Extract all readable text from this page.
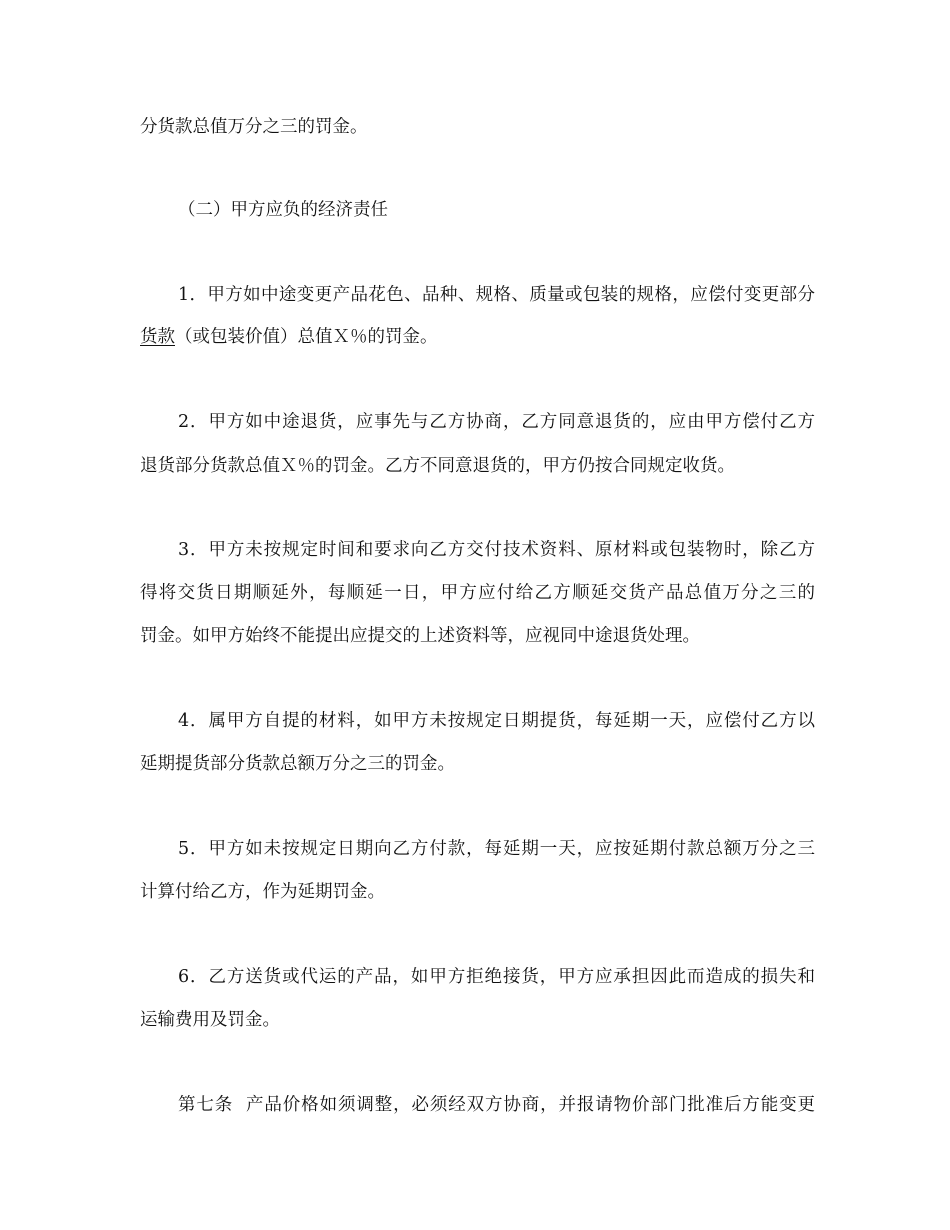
分货款总值万分之三的罚金。
（二）甲方应负的经济责任
1．甲方如中途变更产品花色、品种、规格、质量或包装的规格，应偿付变更部分
货款（或包装价值）总值Ｘ％的罚金。
2．甲方如中途退货，应事先与乙方协商，乙方同意退货的，应由甲方偿付乙方
退货部分货款总值Ｘ％的罚金。乙方不同意退货的，甲方仍按合同规定收货。
3．甲方未按规定时间和要求向乙方交付技术资料、原材料或包装物时，除乙方
得将交货日期顺延外，每顺延一日，甲方应付给乙方顺延交货产品总值万分之三的
罚金。如甲方始终不能提出应提交的上述资料等，应视同中途退货处理。
4．属甲方自提的材料，如甲方未按规定日期提货，每延期一天，应偿付乙方以
延期提货部分货款总额万分之三的罚金。
5．甲方如未按规定日期向乙方付款，每延期一天，应按延期付款总额万分之三
计算付给乙方，作为延期罚金。
6．乙方送货或代运的产品，如甲方拒绝接货，甲方应承担因此而造成的损失和
运输费用及罚金。
第七条  产品价格如须调整，必须经双方协商，并报请物价部门批准后方能变更
